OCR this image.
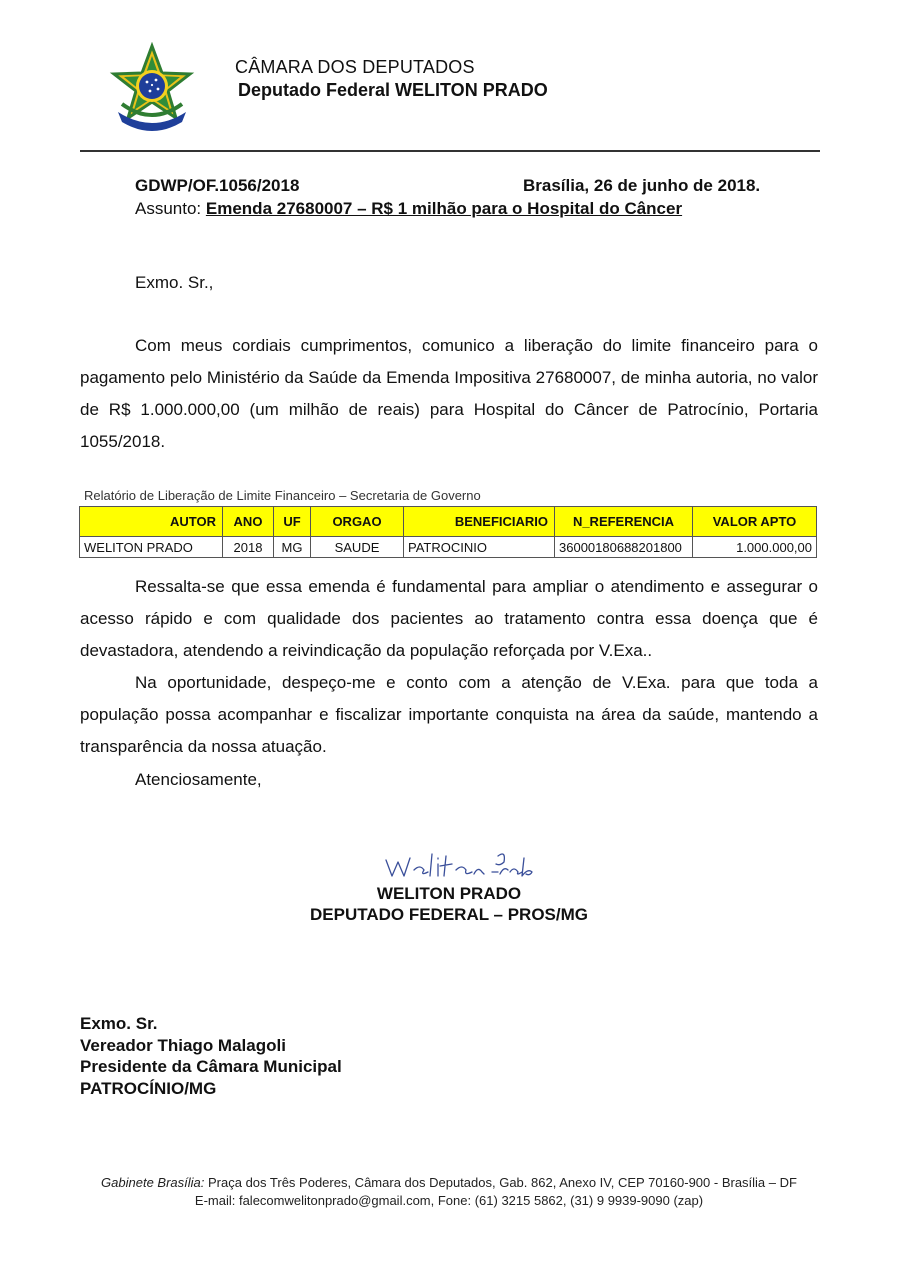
CÂMARA DOS DEPUTADOS
Deputado Federal WELITON PRADO
GDWP/OF.1056/2018	Brasília, 26 de junho de 2018.
Assunto: Emenda 27680007 – R$ 1 milhão para o Hospital do Câncer
Exmo. Sr.,
Com meus cordiais cumprimentos, comunico a liberação do limite financeiro para o pagamento pelo Ministério da Saúde da Emenda Impositiva 27680007, de minha autoria, no valor de R$ 1.000.000,00 (um milhão de reais) para Hospital do Câncer de Patrocínio, Portaria 1055/2018.
Relatório de Liberação de Limite Financeiro – Secretaria de Governo
AUTOR	ANO	UF	ORGAO	BENEFICIARIO	N_REFERENCIA	VALOR APTO
WELITON PRADO	2018	MG	SAUDE	PATROCINIO	36000180688201800	1.000.000,00
Ressalta-se que essa emenda é fundamental para ampliar o atendimento e assegurar o acesso rápido e com qualidade dos pacientes ao tratamento contra essa doença que é devastadora, atendendo a reivindicação da população reforçada por V.Exa..
Na oportunidade, despeço-me e conto com a atenção de V.Exa. para que toda a população possa acompanhar e fiscalizar importante conquista na área da saúde, mantendo a transparência da nossa atuação.
Atenciosamente,
WELITON PRADO
DEPUTADO FEDERAL – PROS/MG
Exmo. Sr.
Vereador Thiago Malagoli
Presidente da Câmara Municipal
PATROCÍNIO/MG
Gabinete Brasília: Praça dos Três Poderes, Câmara dos Deputados, Gab. 862, Anexo IV, CEP 70160-900 - Brasília – DF
E-mail: falecomwelitonprado@gmail.com, Fone: (61) 3215 5862, (31) 9 9939-9090 (zap)
